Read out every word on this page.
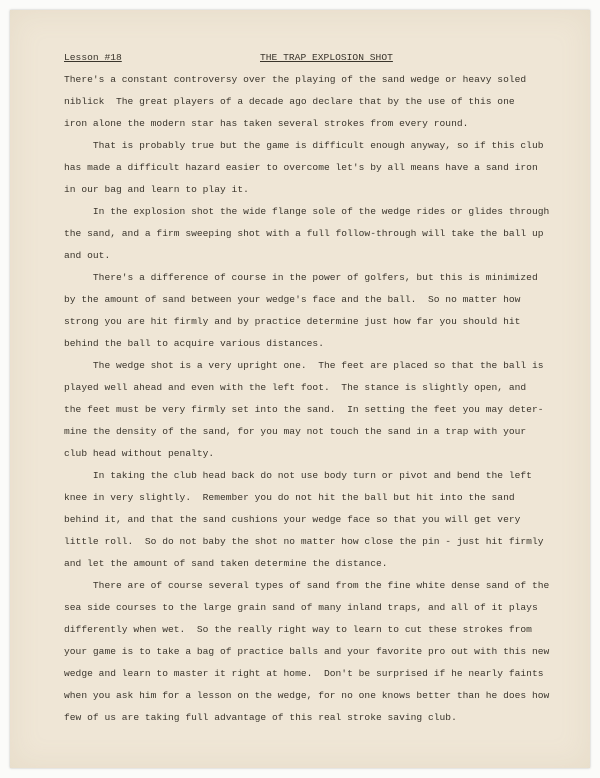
Lesson #18

	THE TRAP EXPLOSION SHOT

There's a constant controversy over the playing of the sand wedge or heavy soled
niblick  The great players of a decade ago declare that by the use of this one
iron alone the modern star has taken several strokes from every round.
That is probably true but the game is difficult enough anyway, so if this club
has made a difficult hazard easier to overcome let's by all means have a sand iron
in our bag and learn to play it.
In the explosion shot the wide flange sole of the wedge rides or glides through
the sand, and a firm sweeping shot with a full follow-through will take the ball up
and out.
There's a difference of course in the power of golfers, but this is minimized
by the amount of sand between your wedge's face and the ball.  So no matter how
strong you are hit firmly and by practice determine just how far you should hit
behind the ball to acquire various distances.
The wedge shot is a very upright one.  The feet are placed so that the ball is
played well ahead and even with the left foot.  The stance is slightly open, and
the feet must be very firmly set into the sand.  In setting the feet you may deter-
mine the density of the sand, for you may not touch the sand in a trap with your
club head without penalty.
In taking the club head back do not use body turn or pivot and bend the left
knee in very slightly.  Remember you do not hit the ball but hit into the sand
behind it, and that the sand cushions your wedge face so that you will get very
little roll.  So do not baby the shot no matter how close the pin - just hit firmly
and let the amount of sand taken determine the distance.
There are of course several types of sand from the fine white dense sand of the
sea side courses to the large grain sand of many inland traps, and all of it plays
differently when wet.  So the really right way to learn to cut these strokes from
your game is to take a bag of practice balls and your favorite pro out with this new
wedge and learn to master it right at home.  Don't be surprised if he nearly faints
when you ask him for a lesson on the wedge, for no one knows better than he does how
few of us are taking full advantage of this real stroke saving club.
